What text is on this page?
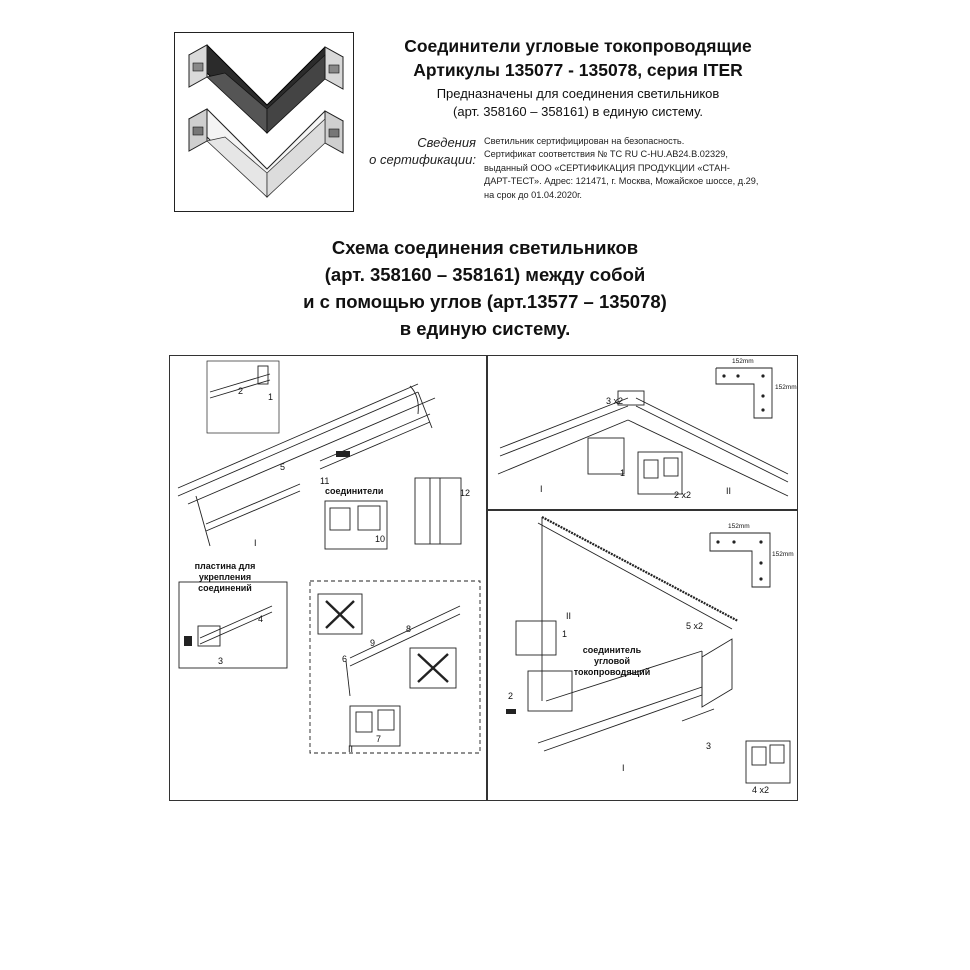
Соединители угловые токопроводящие
Артикулы 135077 - 135078, серия ITER
Предназначены для соединения светильников
(арт. 358160 – 358161) в единую систему.
Сведения
о сертификации:
Светильник сертифицирован на безопасность.
Сертификат соответствия № ТС RU С-HU.АВ24.В.02329,
выданный ООО «СЕРТИФИКАЦИЯ ПРОДУКЦИИ «СТАН-
ДАРТ-ТЕСТ». Адрес: 121471, г. Москва, Можайское шоссе, д.29,
на срок до 01.04.2020г.
Схема соединения светильников
(арт. 358160 – 358161) между собой
и с помощью углов (арт.13577 – 135078)
в единую систему.
соединители
пластина для
укрепления
соединений
1
2
5
11
10
12
4
3
9
8
6
7
I
II
152mm
152mm
3 x2
2 x2
1
I	II
152mm
152mm
соединитель
угловой
токопроводящий
5 x2
4 x2
1
2
3
I
II
